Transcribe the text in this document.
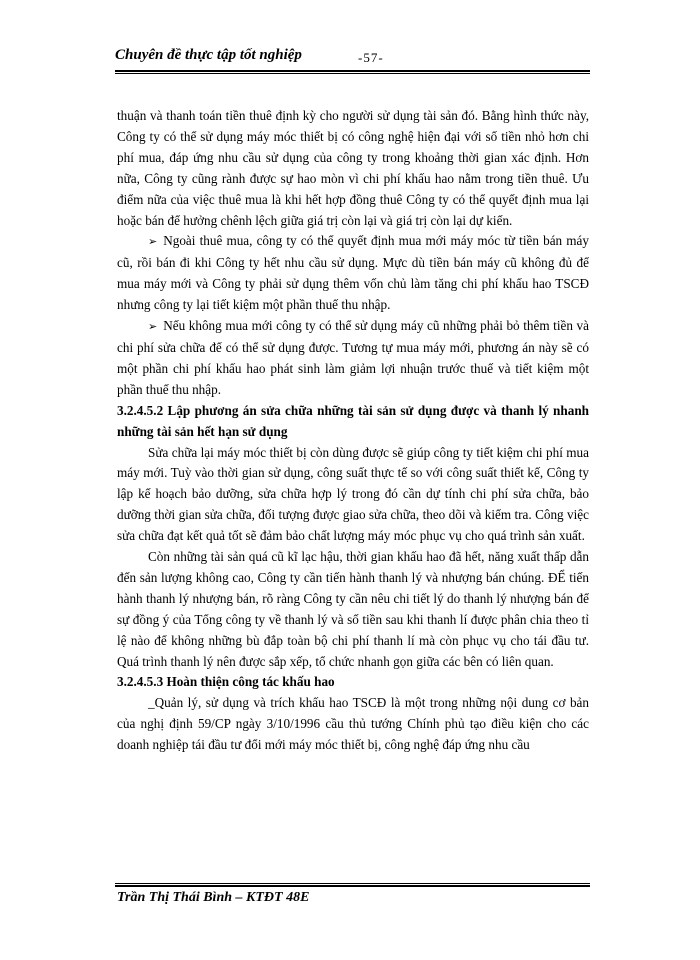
Chuyên đề thực tập tốt nghiệp	-57-

thuận và thanh toán tiền thuê định kỳ cho người sử dụng tài sản đó. Bằng hình thức này, Công ty có thể sử dụng máy móc thiết bị có công nghệ hiện đại với số tiền nhỏ hơn chi phí mua, đáp ứng nhu cầu sử dụng của công ty trong khoảng thời gian xác định. Hơn nữa, Công ty cũng rành được sự hao mòn vì chi phí khấu hao nằm trong tiền thuê. Ưu điểm nữa của việc thuê mua là khi hết hợp đồng thuê Công ty có thể quyết định mua lại hoặc bán để hưởng chênh lệch giữa giá trị còn lại và giá trị còn lại dự kiến.

➢ Ngoài thuê mua, công ty có thể quyết định mua mới máy móc từ tiền bán máy cũ, rồi bán đi khi Công ty hết nhu cầu sử dụng. Mực dù tiền bán máy cũ không đủ để mua máy mới và Công ty phải sử dụng thêm vốn chủ làm tăng chi phí khấu hao TSCĐ nhưng công ty lại tiết kiệm một phần thuế thu nhập.

➢ Nếu không mua mới công ty có thể sử dụng máy cũ những phải bỏ thêm tiền và chi phí sửa chữa để có thể sử dụng được. Tương tự mua máy mới, phương án này sẽ có một phần chi phí khấu hao phát sinh làm giảm lợi nhuận trước thuế và tiết kiệm một phần thuế thu nhập.

3.2.4.5.2 Lập phương án sửa chữa những tài sản sử dụng được và thanh lý nhanh những tài sản hết hạn sử dụng

Sửa chữa lại máy móc thiết bị còn dùng được sẽ giúp công ty tiết kiệm chi phí mua máy mới. Tuỳ vào thời gian sử dụng, công suất thực tế so với công suất thiết kế, Công ty lập kế hoạch bảo dưỡng, sửa chữa hợp lý trong đó cần dự tính chi phí sửa chữa, bảo dưỡng thời gian sửa chữa, đối tượng được giao sửa chữa, theo dõi và kiểm tra. Công việc sửa chữa đạt kết quả tốt sẽ đảm bảo chất lượng máy móc phục vụ cho quá trình sản xuất.

Còn những tài sản quá cũ kĩ lạc hậu, thời gian khấu hao đã hết, năng xuất thấp dẫn đến sản lượng không cao, Công ty cần tiến hành thanh lý và nhượng bán chúng. ĐỂ tiến hành thanh lý nhượng bán, rõ ràng Công ty cần nêu chi tiết lý do thanh lý nhượng bán để sự đồng ý của Tổng công ty về thanh lý và số tiền sau khi thanh lí được phân chia theo tỉ lệ nào để không những bù đắp toàn bộ chi phí thanh lí mà còn phục vụ cho tái đầu tư. Quá trình thanh lý nên được sắp xếp, tổ chức nhanh gọn giữa các bên có liên quan.

3.2.4.5.3 Hoàn thiện công tác khấu hao

_Quản lý, sử dụng và trích khấu hao TSCĐ là một trong những nội dung cơ bản của nghị định 59/CP ngày 3/10/1996 cầu thủ tướng Chính phủ tạo điều kiện cho các doanh nghiệp tái đầu tư đổi mới máy móc thiết bị, công nghệ đáp ứng nhu cầu

Trần Thị Thái Bình – KTĐT 48E
